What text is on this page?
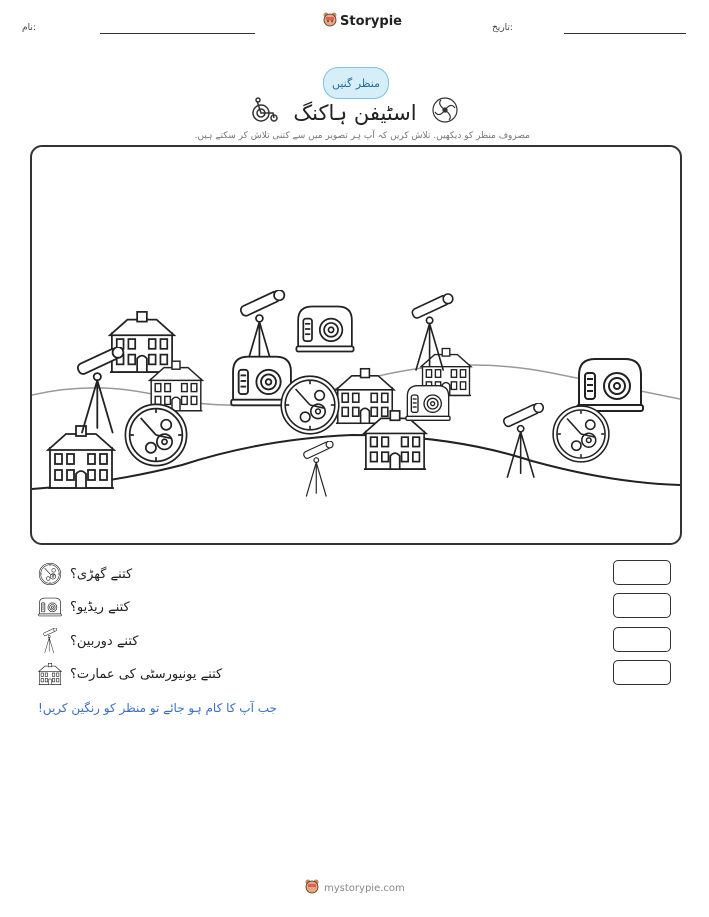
نام:	Storypie	تاریخ:
منظر گنیں
اسٹیفن ہاکنگ
مصروف منظر کو دیکھیں. تلاش کریں کہ آپ ہر تصویر میں سے کتنی تلاش کر سکتے ہیں.
کتنے گھڑی؟
کتنے ریڈیو؟
کتنے دوربین؟
کتنے یونیورسٹی کی عمارت؟
جب آپ کا کام ہو جائے تو منظر کو رنگین کریں!
mystorypie.com
